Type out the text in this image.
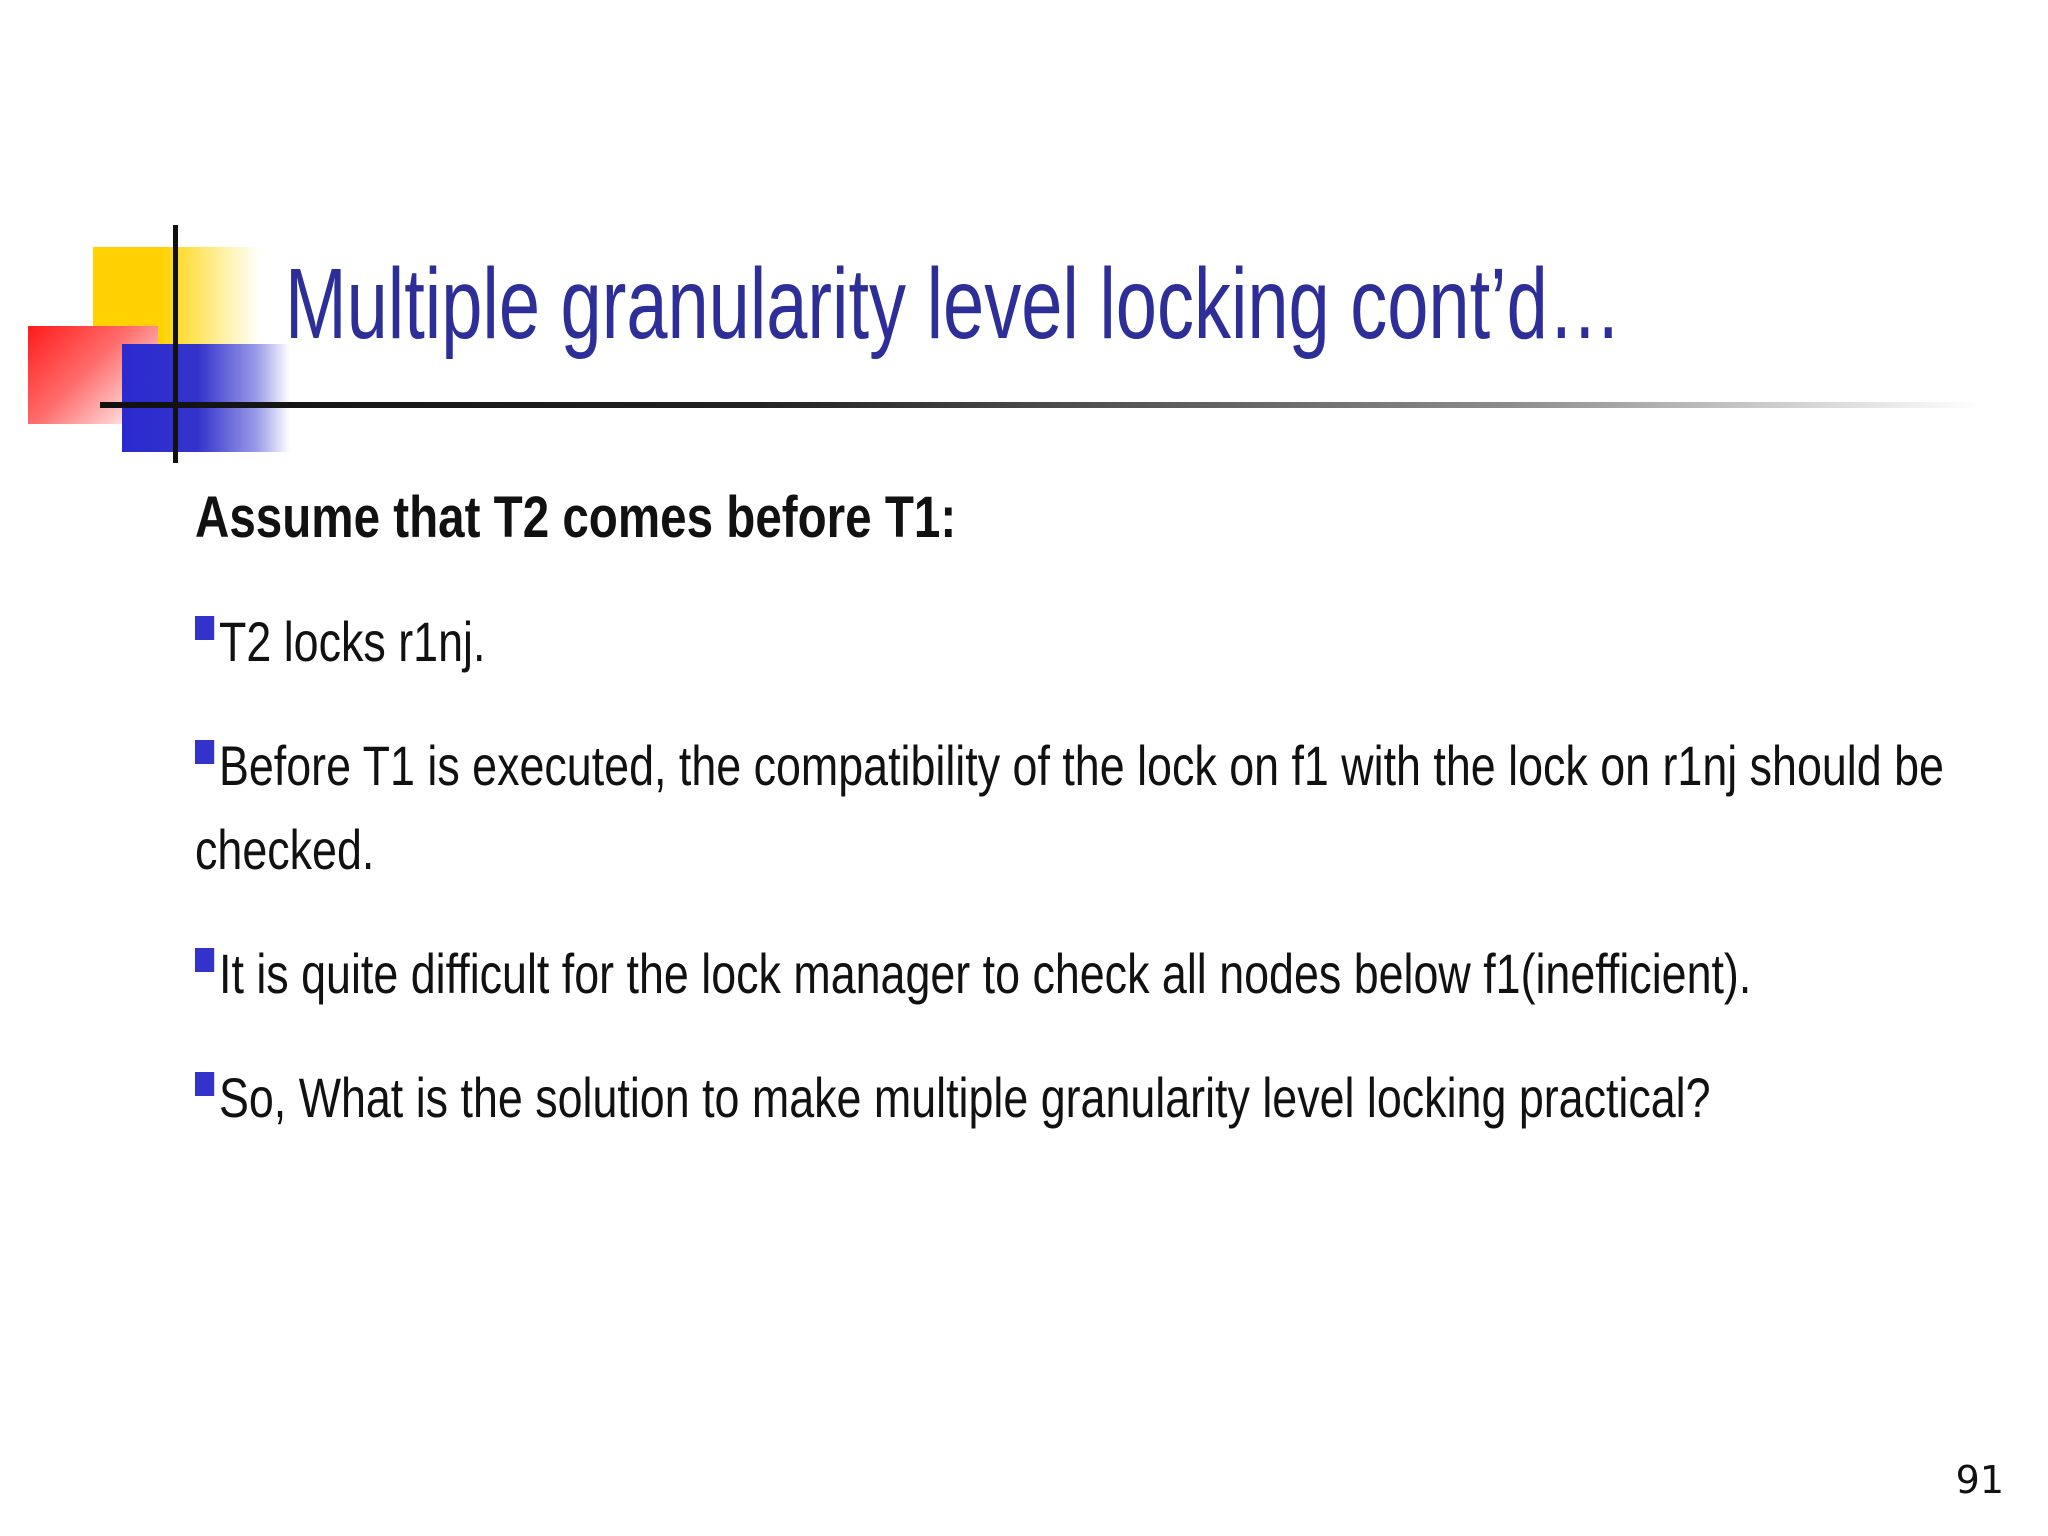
Multiple granularity level locking cont’d…

Assume that T2 comes before T1:

T2 locks r1nj.

Before T1 is executed, the compatibility of the lock on f1 with the lock on r1nj should be checked.

It is quite difficult for the lock manager to check all nodes below f1(inefficient).

So, What is the solution to make multiple granularity level locking practical?

91
